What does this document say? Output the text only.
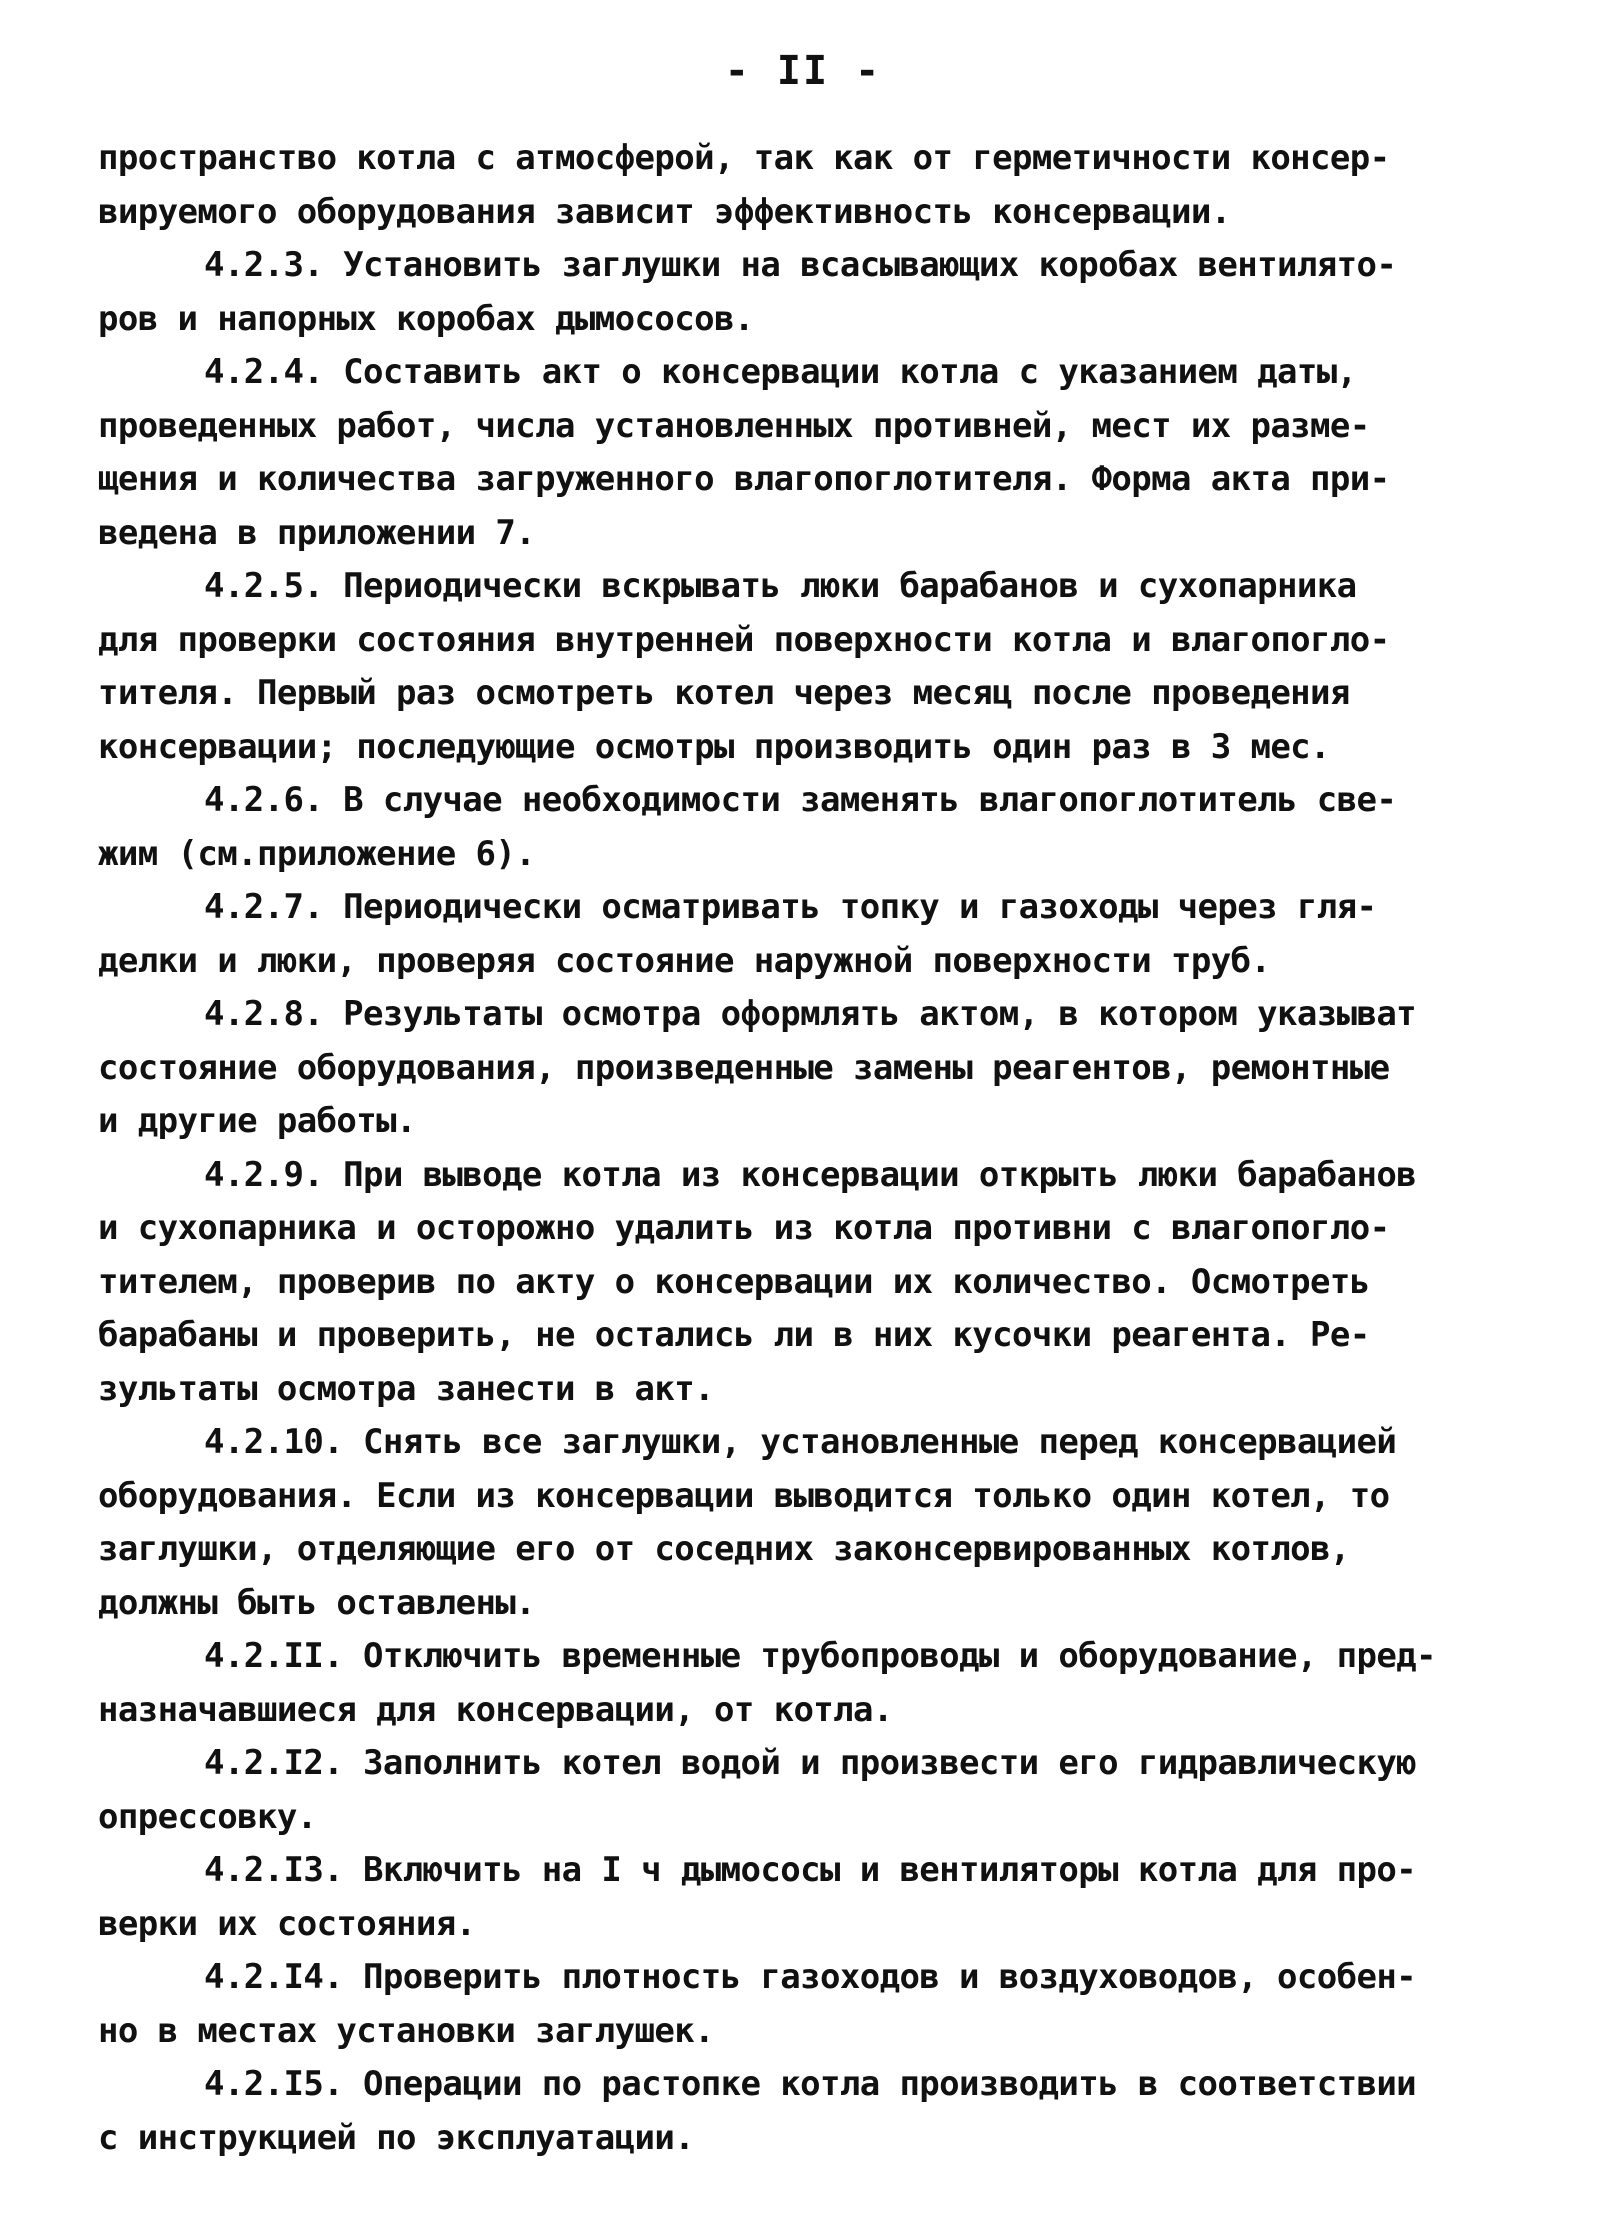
- II -
пространство котла с атмосферой, так как от герметичности консер-
вируемого оборудования зависит эффективность консервации.
4.2.3. Установить заглушки на всасывающих коробах вентилято-
ров и напорных коробах дымососов.
4.2.4. Составить акт о консервации котла с указанием даты,
проведенных работ, числа установленных противней, мест их разме-
щения и количества загруженного влагопоглотителя. Форма акта при-
ведена в приложении 7.
4.2.5. Периодически вскрывать люки барабанов и сухопарника
для проверки состояния внутренней поверхности котла и влагопогло-
тителя. Первый раз осмотреть котел через месяц после проведения
консервации; последующие осмотры производить один раз в 3 мес.
4.2.6. В случае необходимости заменять влагопоглотитель све-
жим (см.приложение 6).
4.2.7. Периодически осматривать топку и газоходы через гля-
делки и люки, проверяя состояние наружной поверхности труб.
4.2.8. Результаты осмотра оформлять актом, в котором указыват
состояние оборудования, произведенные замены реагентов, ремонтные
и другие работы.
4.2.9. При выводе котла из консервации открыть люки барабанов
и сухопарника и осторожно удалить из котла противни с влагопогло-
тителем, проверив по акту о консервации их количество. Осмотреть
барабаны и проверить, не остались ли в них кусочки реагента. Ре-
зультаты осмотра занести в акт.
4.2.10. Снять все заглушки, установленные перед консервацией
оборудования. Если из консервации выводится только один котел, то
заглушки, отделяющие его от соседних законсервированных котлов,
должны быть оставлены.
4.2.II. Отключить временные трубопроводы и оборудование, пред-
назначавшиеся для консервации, от котла.
4.2.I2. Заполнить котел водой и произвести его гидравлическую
опрессовку.
4.2.I3. Включить на I ч дымососы и вентиляторы котла для про-
верки их состояния.
4.2.I4. Проверить плотность газоходов и воздуховодов, особен-
но в местах установки заглушек.
4.2.I5. Операции по растопке котла производить в соответствии
с инструкцией по эксплуатации.
